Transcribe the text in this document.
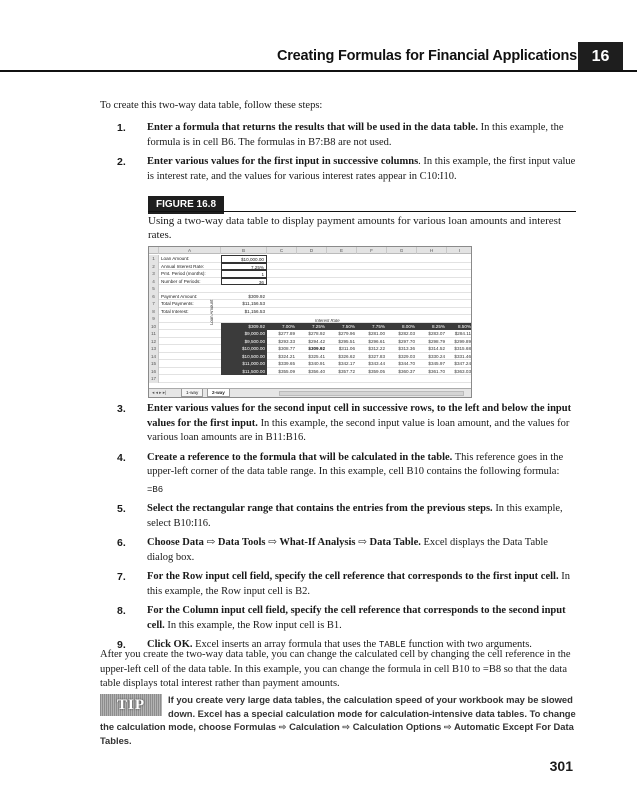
Creating Formulas for Financial Applications 16

To create this two-way data table, follow these steps:

1. Enter a formula that returns the results that will be used in the data table. In this example, the formula is in cell B6. The formulas in B7:B8 are not used.
2. Enter various values for the first input in successive columns. In this example, the first input value is interest rate, and the values for various interest rates appear in C10:I10.
FIGURE 16.8

Using a two-way data table to display payment amounts for various loan amounts and interest rates.

A	B	C	D	E	F	G	H	I
1	Loan Amount:	$10,000.00
2	Annual Interest Rate:	7.25%
3	Pmt. Period (months):	1
4	Number of Periods:	36
5
6	Payment Amount:	$309.92
7	Total Payments:	$11,156.53
8	Total Interest:	$1,156.53
9
10	$309.92	7.00%	7.25%	7.50%	7.75%	8.00%	8.25%	8.50%
11	$9,000.00	$277.89	$278.92	$279.96	$281.00	$282.03	$283.07	$284.11
12	$9,500.00	$293.33	$294.42	$295.51	$296.61	$297.70	$298.79	$299.89
13	$10,000.00	$308.77	$309.92	$311.06	$312.22	$313.36	$314.52	$315.68
14	$10,500.00	$324.21	$325.41	$326.62	$327.83	$329.03	$330.24	$331.46
15	$11,000.00	$339.65	$340.91	$342.17	$343.44	$344.70	$345.97	$347.24
16	$11,500.00	$355.09	$356.40	$357.72	$359.05	$360.37	$361.70	$363.03
17
Interest Rate
Loan Amount
◂ ◂ ▸ ▸|	1-way	2-way
3. Enter various values for the second input cell in successive rows, to the left and below the input values for the first input. In this example, the second input value is loan amount, and the values for various loan amounts are in B11:B16.
4. Create a reference to the formula that will be calculated in the table. This reference goes in the upper-left corner of the data table range. In this example, cell B10 contains the following formula:
=B6
5. Select the rectangular range that contains the entries from the previous steps. In this example, select B10:I16.
6. Choose Data ⇨ Data Tools ⇨ What-If Analysis ⇨ Data Table. Excel displays the Data Table dialog box.
7. For the Row input cell field, specify the cell reference that corresponds to the first input cell. In this example, the Row input cell is B2.
8. For the Column input cell field, specify the cell reference that corresponds to the second input cell. In this example, the Row input cell is B1.
9. Click OK. Excel inserts an array formula that uses the TABLE function with two arguments.

After you create the two-way data table, you can change the calculated cell by changing the cell reference in the upper-left cell of the data table. In this example, you can change the formula in cell B10 to =B8 so that the data table displays total interest rather than payment amounts.

TIP	If you create very large data tables, the calculation speed of your workbook may be slowed down. Excel has a special calculation mode for calculation-intensive data tables. To change the calculation mode, choose Formulas ⇨ Calculation ⇨ Calculation Options ⇨ Automatic Except For Data Tables.
301
